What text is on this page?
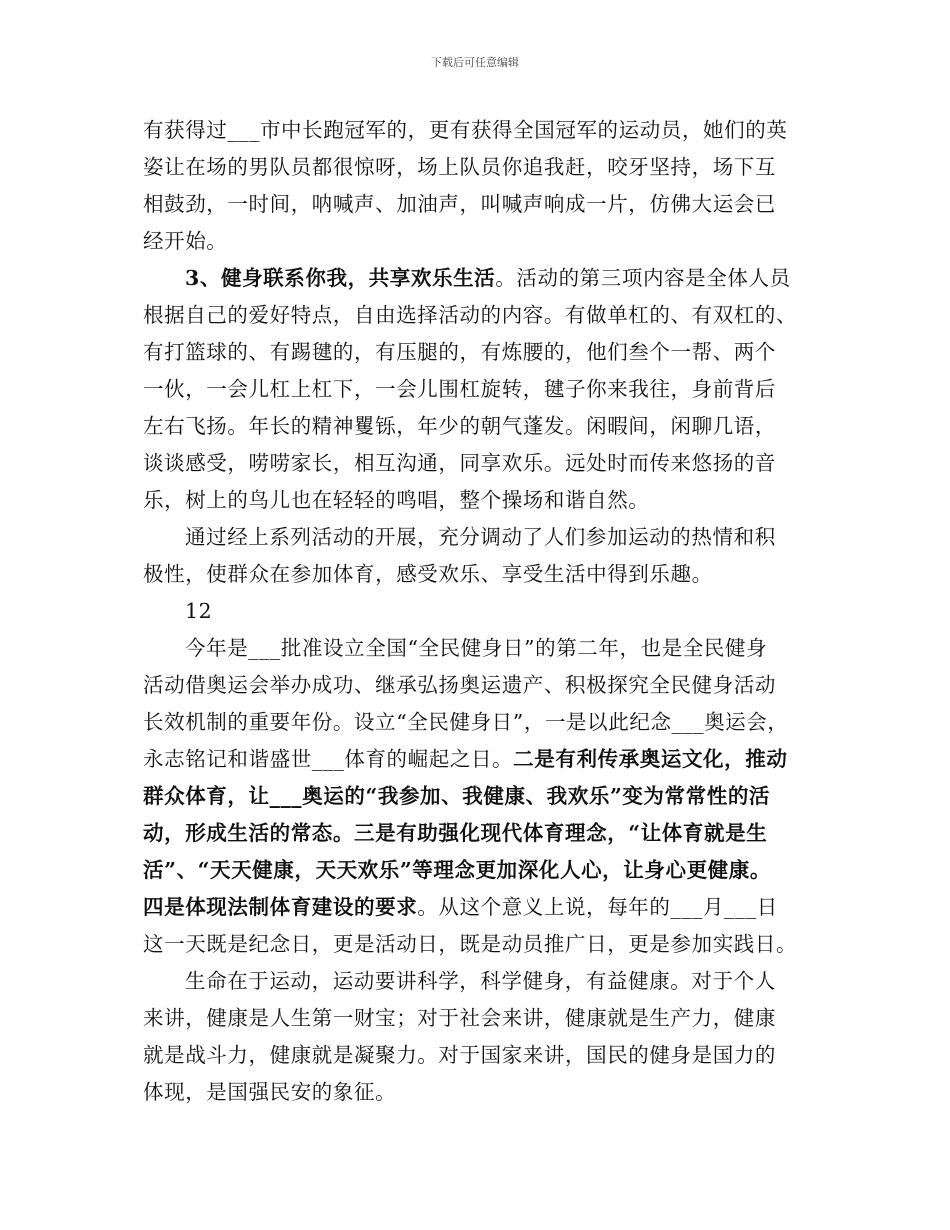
下载后可任意编辑
有获得过___市中长跑冠军的，更有获得全国冠军的运动员，她们的英
姿让在场的男队员都很惊呀，场上队员你追我赶，咬牙坚持，场下互
相鼓劲，一时间，呐喊声、加油声，叫喊声响成一片，仿佛大运会已
经开始。
3、健身联系你我，共享欢乐生活。活动的第三项内容是全体人员
根据自己的爱好特点，自由选择活动的内容。有做单杠的、有双杠的、
有打篮球的、有踢毽的，有压腿的，有炼腰的，他们叁个一帮、两个
一伙，一会儿杠上杠下，一会儿围杠旋转，毽子你来我往，身前背后
左右飞扬。年长的精神矍铄，年少的朝气蓬发。闲暇间，闲聊几语，
谈谈感受，唠唠家长，相互沟通，同享欢乐。远处时而传来悠扬的音
乐，树上的鸟儿也在轻轻的鸣唱，整个操场和谐自然。
通过经上系列活动的开展，充分调动了人们参加运动的热情和积
极性，使群众在参加体育，感受欢乐、享受生活中得到乐趣。
12
今年是___批准设立全国“全民健身日”的第二年，也是全民健身
活动借奥运会举办成功、继承弘扬奥运遗产、积极探究全民健身活动
长效机制的重要年份。设立“全民健身日”，一是以此纪念___奥运会，
永志铭记和谐盛世___体育的崛起之日。二是有利传承奥运文化，推动
群众体育，让___奥运的“我参加、我健康、我欢乐”变为常常性的活
动，形成生活的常态。三是有助强化现代体育理念，“让体育就是生
活”、“天天健康，天天欢乐”等理念更加深化人心，让身心更健康。
四是体现法制体育建设的要求。从这个意义上说，每年的___月___日
这一天既是纪念日，更是活动日，既是动员推广日，更是参加实践日。
生命在于运动，运动要讲科学，科学健身，有益健康。对于个人
来讲，健康是人生第一财宝；对于社会来讲，健康就是生产力，健康
就是战斗力，健康就是凝聚力。对于国家来讲，国民的健身是国力的
体现，是国强民安的象征。
